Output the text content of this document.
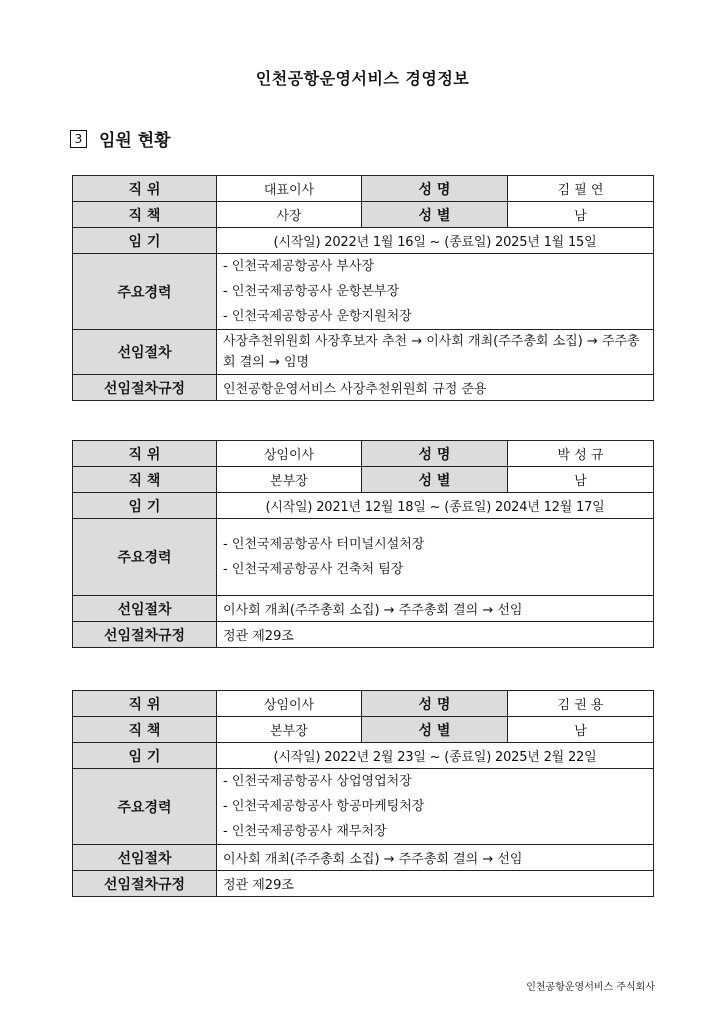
인천공항운영서비스 경영정보
3 임원 현황
직 위	대표이사	성 명	김 필 연
직 책	사장	성 별	남
임 기	(시작일) 2022년 1월 16일 ~ (종료일) 2025년 1월 15일		
주요경력	- 인천국제공항공사 부사장
- 인천국제공항공사 운항본부장
- 인천국제공항공사 운항지원처장		

선임절차	사장추천위원회 사장후보자 추천 → 이사회 개최(주주총회 소집) → 주주총회 결의 → 임명		
선임절차규정	인천공항운영서비스 사장추천위원회 규정 준용		
직 위	상임이사	성 명	박 성 규
직 책	본부장	성 별	남
임 기	(시작일) 2021년 12월 18일 ~ (종료일) 2024년 12월 17일		
주요경력	- 인천국제공항공사 터미널시설처장
- 인천국제공항공사 건축처 팀장		

선임절차	이사회 개최(주주총회 소집) → 주주총회 결의 → 선임		
선임절차규정	정관 제29조		
직 위	상임이사	성 명	김 권 용
직 책	본부장	성 별	남
임 기	(시작일) 2022년 2월 23일 ~ (종료일) 2025년 2월 22일		
주요경력	- 인천국제공항공사 상업영업처장
- 인천국제공항공사 항공마케팅처장
- 인천국제공항공사 재무처장		

선임절차	이사회 개최(주주총회 소집) → 주주총회 결의 → 선임		
선임절차규정	정관 제29조		
인천공항운영서비스 주식회사
